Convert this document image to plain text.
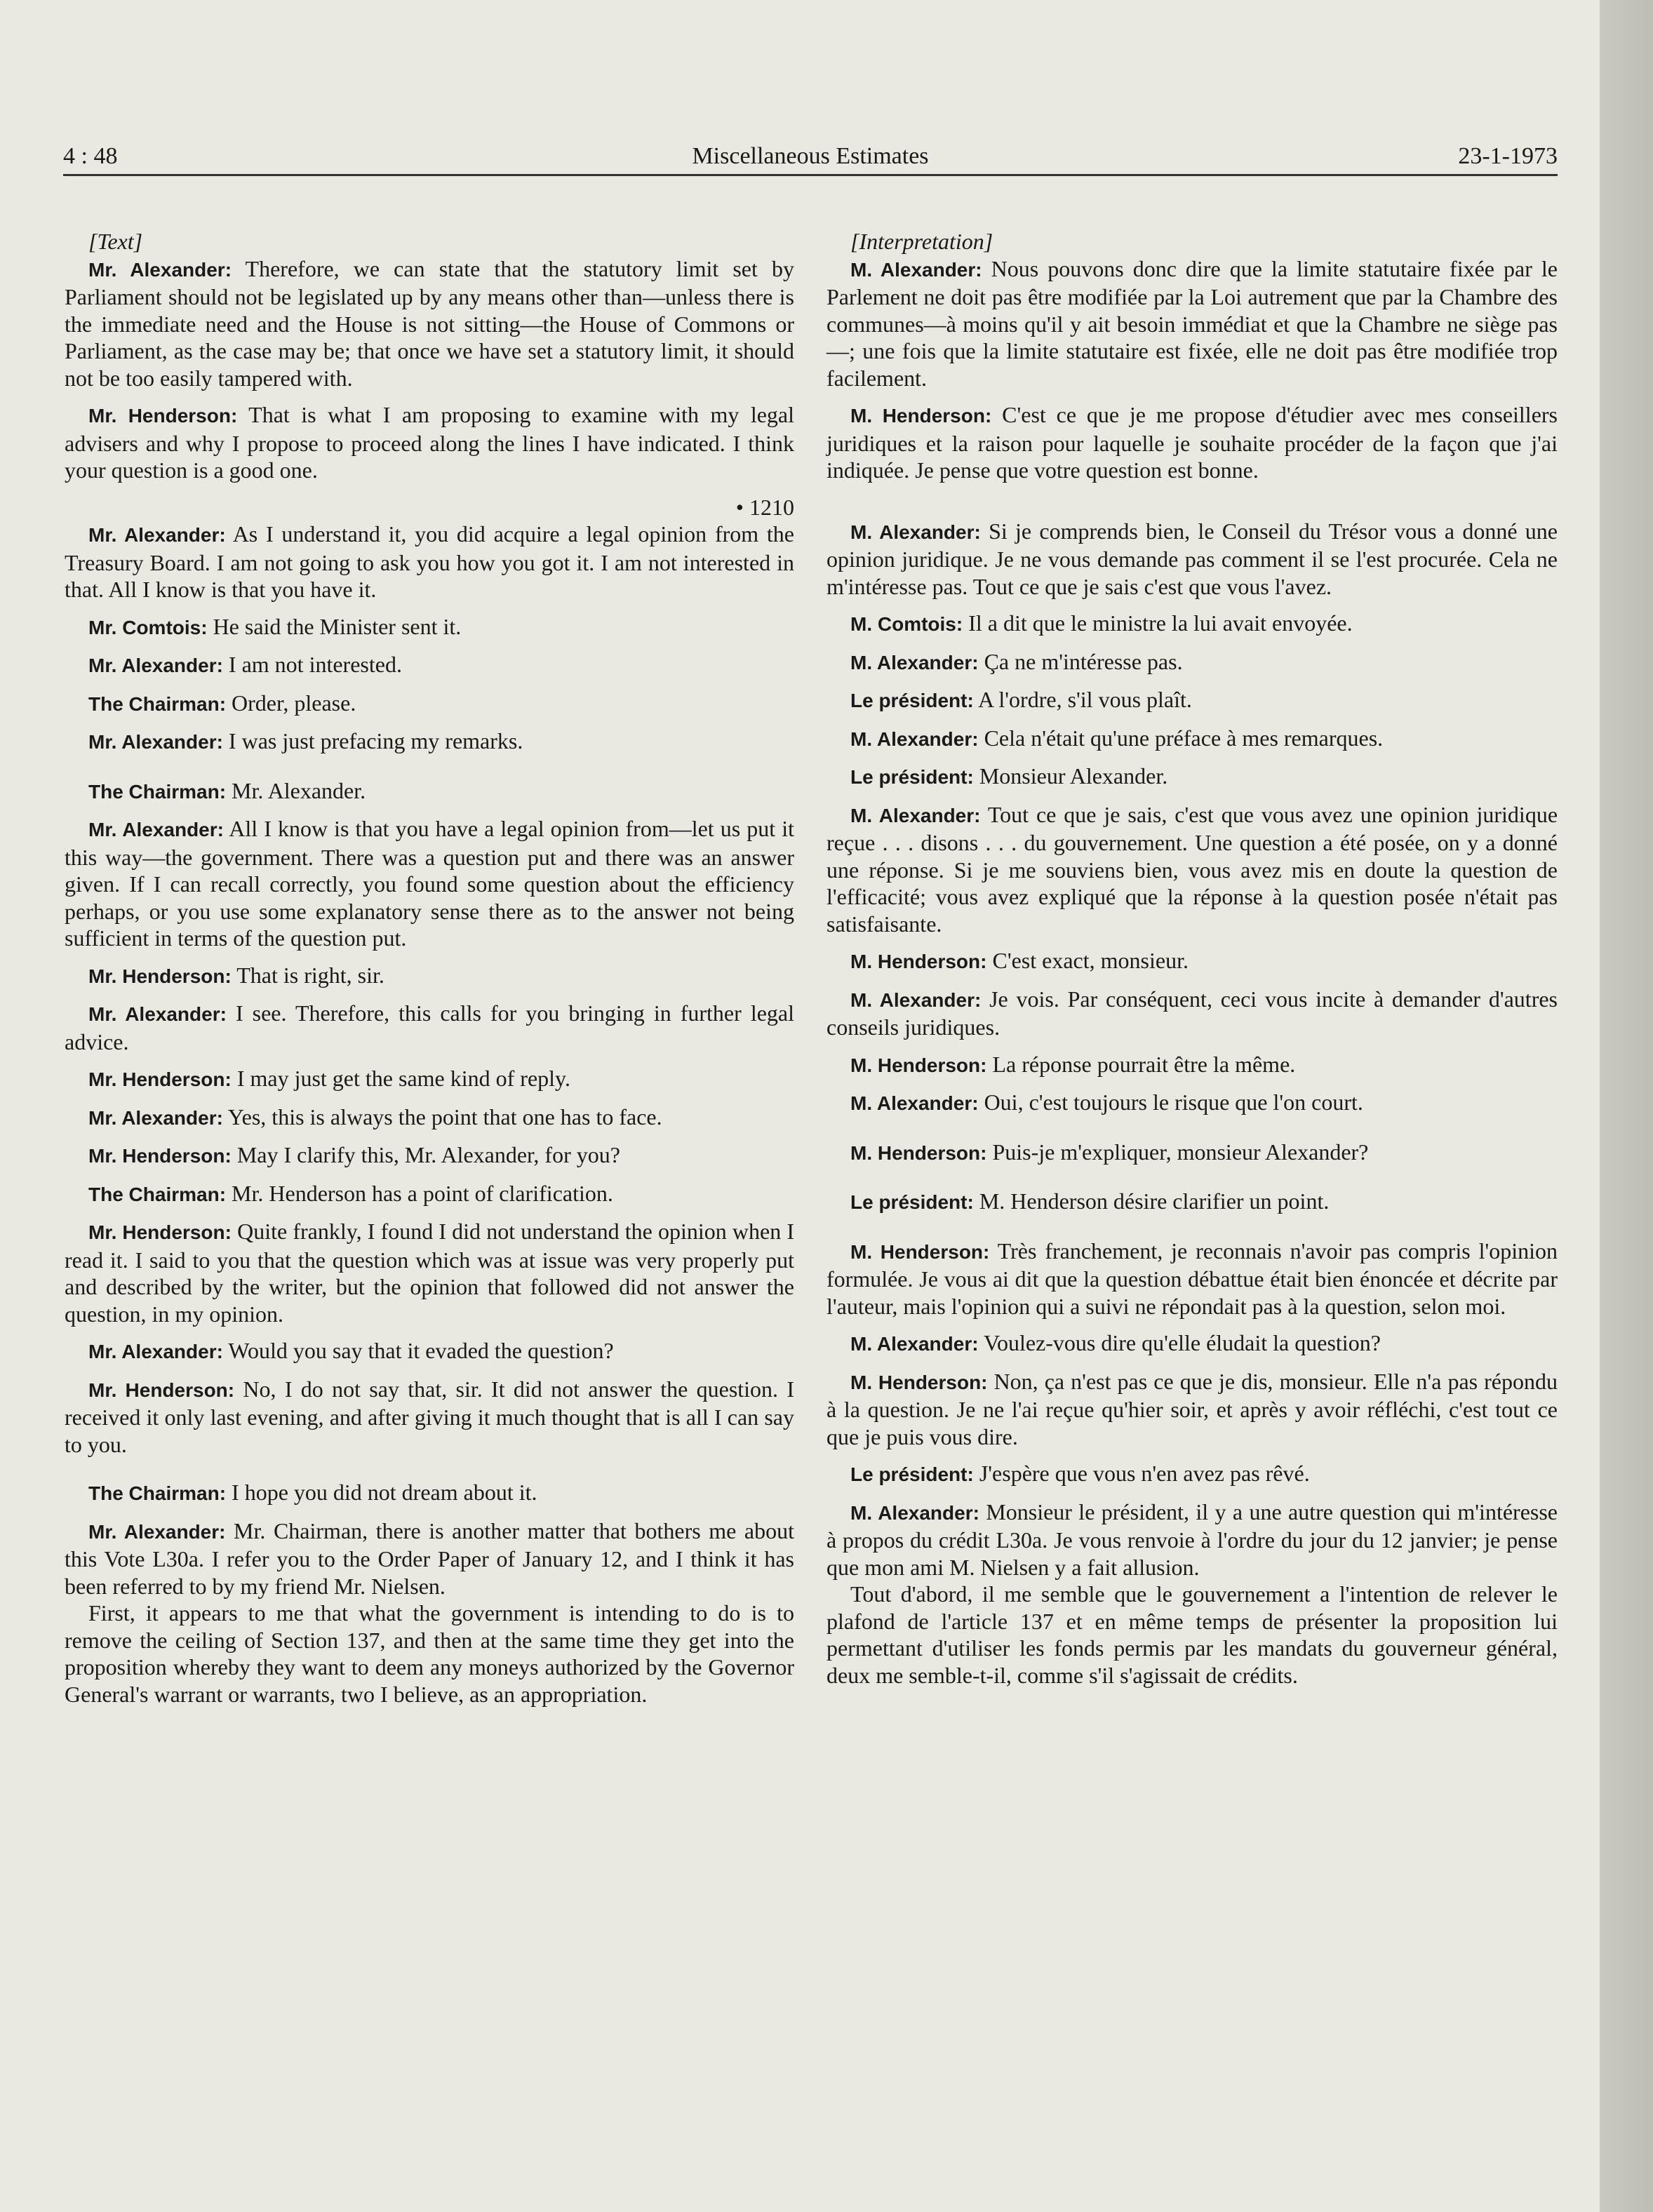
4 : 48	Miscellaneous Estimates	23-1-1973

[Text]

Mr. Alexander: Therefore, we can state that the statutory limit set by Parliament should not be legislated up by any means other than—unless there is the immediate need and the House is not sitting—the House of Commons or Parliament, as the case may be; that once we have set a statutory limit, it should not be too easily tampered with.

Mr. Henderson: That is what I am proposing to examine with my legal advisers and why I propose to proceed along the lines I have indicated. I think your question is a good one.

• 1210

Mr. Alexander: As I understand it, you did acquire a legal opinion from the Treasury Board. I am not going to ask you how you got it. I am not interested in that. All I know is that you have it.

Mr. Comtois: He said the Minister sent it.

Mr. Alexander: I am not interested.

The Chairman: Order, please.

Mr. Alexander: I was just prefacing my remarks.

The Chairman: Mr. Alexander.

Mr. Alexander: All I know is that you have a legal opinion from—let us put it this way—the government. There was a question put and there was an answer given. If I can recall correctly, you found some question about the efficiency perhaps, or you use some explanatory sense there as to the answer not being sufficient in terms of the question put.

Mr. Henderson: That is right, sir.

Mr. Alexander: I see. Therefore, this calls for you bringing in further legal advice.

Mr. Henderson: I may just get the same kind of reply.

Mr. Alexander: Yes, this is always the point that one has to face.

Mr. Henderson: May I clarify this, Mr. Alexander, for you?

The Chairman: Mr. Henderson has a point of clarification.

Mr. Henderson: Quite frankly, I found I did not understand the opinion when I read it. I said to you that the question which was at issue was very properly put and described by the writer, but the opinion that followed did not answer the question, in my opinion.

Mr. Alexander: Would you say that it evaded the question?

Mr. Henderson: No, I do not say that, sir. It did not answer the question. I received it only last evening, and after giving it much thought that is all I can say to you.

The Chairman: I hope you did not dream about it.

Mr. Alexander: Mr. Chairman, there is another matter that bothers me about this Vote L30a. I refer you to the Order Paper of January 12, and I think it has been referred to by my friend Mr. Nielsen.

First, it appears to me that what the government is intending to do is to remove the ceiling of Section 137, and then at the same time they get into the proposition whereby they want to deem any moneys authorized by the Governor General's warrant or warrants, two I believe, as an appropriation.

[Interpretation]

M. Alexander: Nous pouvons donc dire que la limite statutaire fixée par le Parlement ne doit pas être modifiée par la Loi autrement que par la Chambre des communes—à moins qu'il y ait besoin immédiat et que la Chambre ne siège pas—; une fois que la limite statutaire est fixée, elle ne doit pas être modifiée trop facilement.

M. Henderson: C'est ce que je me propose d'étudier avec mes conseillers juridiques et la raison pour laquelle je souhaite procéder de la façon que j'ai indiquée. Je pense que votre question est bonne.

M. Alexander: Si je comprends bien, le Conseil du Trésor vous a donné une opinion juridique. Je ne vous demande pas comment il se l'est procurée. Cela ne m'intéresse pas. Tout ce que je sais c'est que vous l'avez.

M. Comtois: Il a dit que le ministre la lui avait envoyée.

M. Alexander: Ça ne m'intéresse pas.

Le président: A l'ordre, s'il vous plaît.

M. Alexander: Cela n'était qu'une préface à mes remarques.

Le président: Monsieur Alexander.

M. Alexander: Tout ce que je sais, c'est que vous avez une opinion juridique reçue . . . disons . . . du gouvernement. Une question a été posée, on y a donné une réponse. Si je me souviens bien, vous avez mis en doute la question de l'efficacité; vous avez expliqué que la réponse à la question posée n'était pas satisfaisante.

M. Henderson: C'est exact, monsieur.

M. Alexander: Je vois. Par conséquent, ceci vous incite à demander d'autres conseils juridiques.

M. Henderson: La réponse pourrait être la même.

M. Alexander: Oui, c'est toujours le risque que l'on court.

M. Henderson: Puis-je m'expliquer, monsieur Alexander?

Le président: M. Henderson désire clarifier un point.

M. Henderson: Très franchement, je reconnais n'avoir pas compris l'opinion formulée. Je vous ai dit que la question débattue était bien énoncée et décrite par l'auteur, mais l'opinion qui a suivi ne répondait pas à la question, selon moi.

M. Alexander: Voulez-vous dire qu'elle éludait la question?

M. Henderson: Non, ça n'est pas ce que je dis, monsieur. Elle n'a pas répondu à la question. Je ne l'ai reçue qu'hier soir, et après y avoir réfléchi, c'est tout ce que je puis vous dire.

Le président: J'espère que vous n'en avez pas rêvé.

M. Alexander: Monsieur le président, il y a une autre question qui m'intéresse à propos du crédit L30a. Je vous renvoie à l'ordre du jour du 12 janvier; je pense que mon ami M. Nielsen y a fait allusion.

Tout d'abord, il me semble que le gouvernement a l'intention de relever le plafond de l'article 137 et en même temps de présenter la proposition lui permettant d'utiliser les fonds permis par les mandats du gouverneur général, deux me semble-t-il, comme s'il s'agissait de crédits.
